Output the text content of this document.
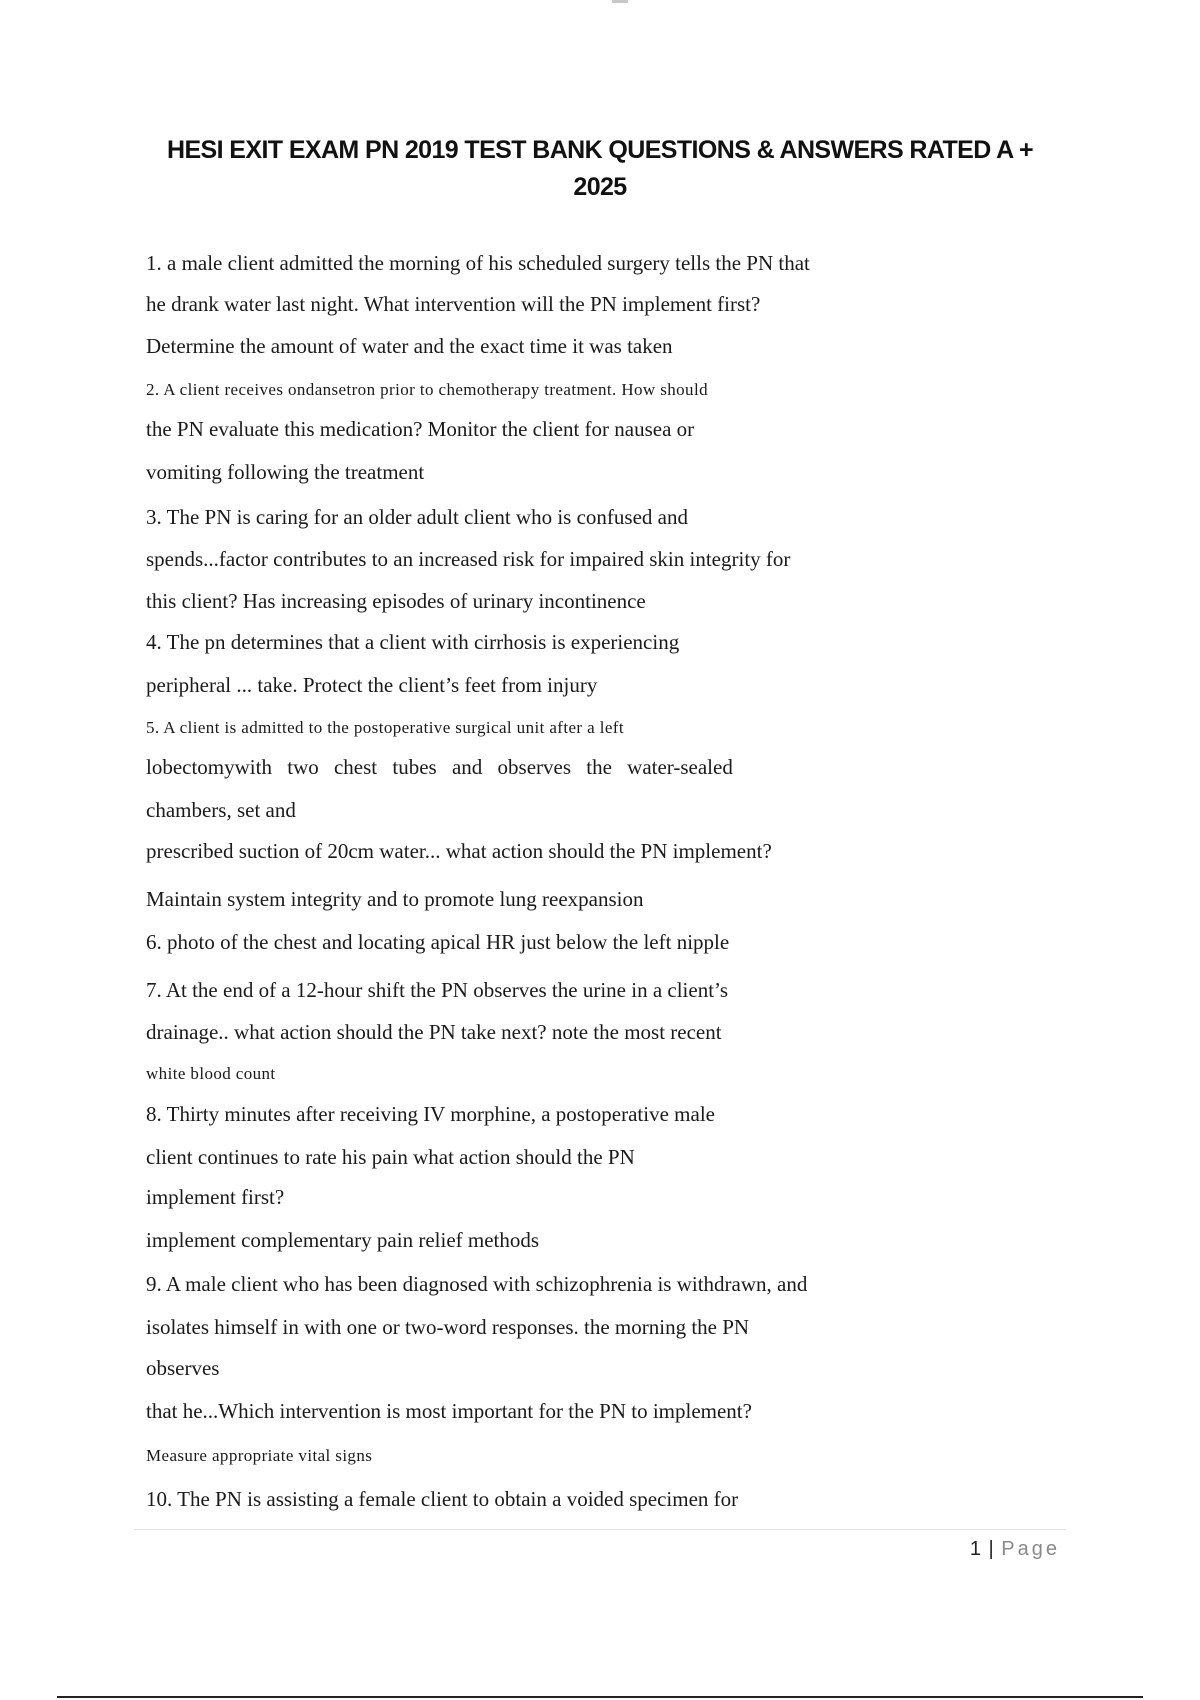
HESI EXIT EXAM PN 2019 TEST BANK QUESTIONS & ANSWERS RATED A +
2025
1. a male client admitted the morning of his scheduled surgery tells the PN that
he drank water last night. What intervention will the PN implement first?
Determine the amount of water and the exact time it was taken
2. A client receives ondansetron prior to chemotherapy treatment. How should
the PN evaluate this medication? Monitor the client for nausea or
vomiting following the treatment
3. The PN is caring for an older adult client who is confused and
spends...factor contributes to an increased risk for impaired skin integrity for
this client? Has increasing episodes of urinary incontinence
4. The pn determines that a client with cirrhosis is experiencing
peripheral ... take. Protect the client’s feet from injury
5. A client is admitted to the postoperative surgical unit after a left
lobectomywith two chest tubes and observes the water-sealed
chambers, set and
prescribed suction of 20cm water... what action should the PN implement?
Maintain system integrity and to promote lung reexpansion
6. photo of the chest and locating apical HR just below the left nipple
7. At the end of a 12-hour shift the PN observes the urine in a client’s
drainage.. what action should the PN take next? note the most recent
white blood count
8. Thirty minutes after receiving IV morphine, a postoperative male
client continues to rate his pain what action should the PN
implement first?
implement complementary pain relief methods
9. A male client who has been diagnosed with schizophrenia is withdrawn, and
isolates himself in with one or two-word responses. the morning the PN
observes
that he...Which intervention is most important for the PN to implement?
Measure appropriate vital signs
10. The PN is assisting a female client to obtain a voided specimen for
1 | Page
